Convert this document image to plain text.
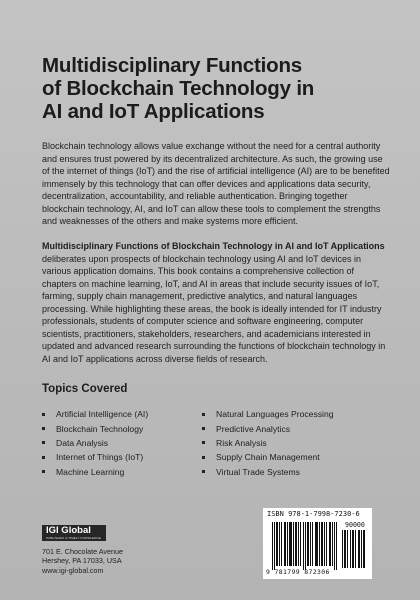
Multidisciplinary Functions
of Blockchain Technology in
AI and IoT Applications
Blockchain technology allows value exchange without the need for a central authority and ensures trust powered by its decentralized architecture. As such, the growing use of the internet of things (IoT) and the rise of artificial intelligence (AI) are to be benefited immensely by this technology that can offer devices and applications data security, decentralization, accountability, and reliable authentication. Bringing together blockchain technology, AI, and IoT can allow these tools to complement the strengths and weaknesses of the others and make systems more efficient.
Multidisciplinary Functions of Blockchain Technology in AI and IoT Applications deliberates upon prospects of blockchain technology using AI and IoT devices in various application domains. This book contains a comprehensive collection of chapters on machine learning, IoT, and AI in areas that include security issues of IoT, farming, supply chain management, predictive analytics, and natural languages processing. While highlighting these areas, the book is ideally intended for IT industry professionals, students of computer science and software engineering, computer scientists, practitioners, stakeholders, researchers, and academicians interested in updated and advanced research surrounding the functions of blockchain technology in AI and IoT applications across diverse fields of research.
Topics Covered
Artificial Intelligence (AI)
Blockchain Technology
Data Analysis
Internet of Things (IoT)
Machine Learning
Natural Languages Processing
Predictive Analytics
Risk Analysis
Supply Chain Management
Virtual Trade Systems
IGI Global
PUBLISHER of TIMELY KNOWLEDGE
701 E. Chocolate Avenue
Hershey, PA 17033, USA
www.igi-global.com
ISBN 978-1-7998-7230-6
90000
9 781799 872306
